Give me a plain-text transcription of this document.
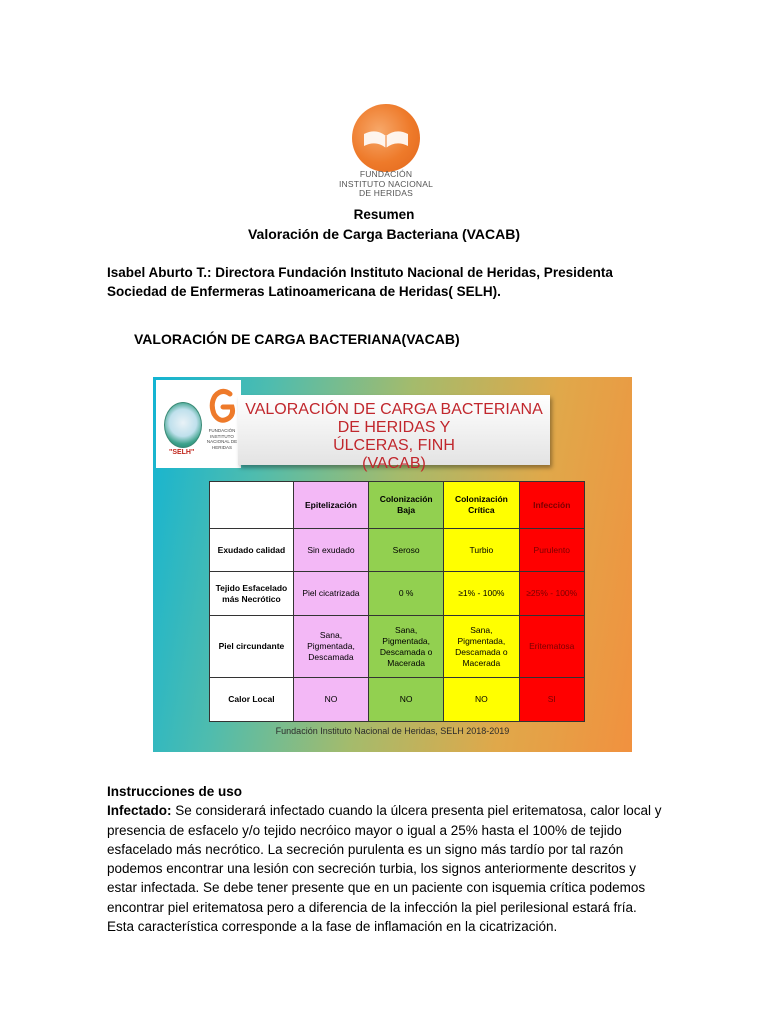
FUNDACIÓN
INSTITUTO NACIONAL
DE HERIDAS
Resumen
Valoración de Carga Bacteriana (VACAB)
Isabel Aburto T.: Directora Fundación Instituto Nacional de Heridas, Presidenta Sociedad de Enfermeras Latinoamericana de Heridas( SELH).
VALORACIÓN DE CARGA BACTERIANA(VACAB)
"SELH"
FUNDACIÓN INSTITUTO NACIONAL DE HERIDAS
VALORACIÓN DE CARGA BACTERIANA DE HERIDAS Y
ÚLCERAS, FINH
(VACAB)
	Epitelización	Colonización Baja	Colonización Crítica	Infección
Exudado calidad	Sin exudado	Seroso	Turbio	Purulento
Tejido Esfacelado más Necrótico	Piel cicatrizada	0 %	≥1% - 100%	≥25% - 100%
Piel circundante	Sana, Pigmentada, Descamada	Sana, Pigmentada, Descamada o Macerada	Sana, Pigmentada, Descamada o Macerada	Eritematosa
Calor Local	NO	NO	NO	SI
Fundación Instituto Nacional de Heridas, SELH 2018-2019
Instrucciones de uso
Infectado: Se considerará infectado cuando la úlcera presenta piel eritematosa, calor local y presencia de esfacelo y/o tejido necróico mayor o igual a 25% hasta el 100% de tejido esfacelado más necrótico. La secreción purulenta es un signo más tardío por tal razón podemos encontrar una lesión con secreción turbia, los signos anteriormente descritos y estar infectada. Se debe tener presente que en un paciente con isquemia crítica podemos encontrar piel eritematosa pero a diferencia de la infección la piel perilesional estará fría. Esta característica corresponde a la fase de inflamación en la cicatrización.
